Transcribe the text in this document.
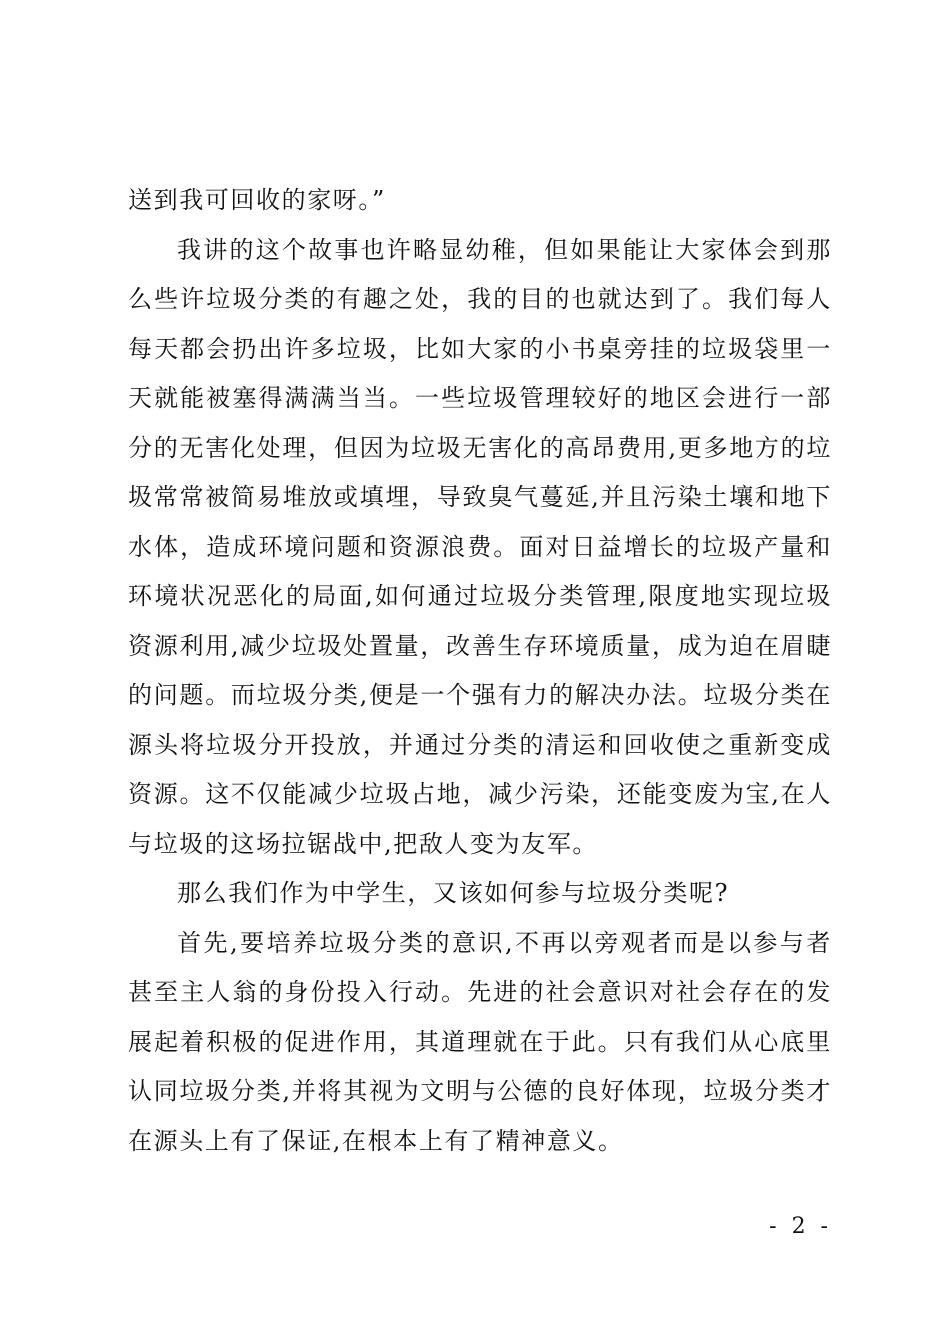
送到我可回收的家呀。”

我讲的这个故事也许略显幼稚，但如果能让大家体会到那么些许垃圾分类的有趣之处，我的目的也就达到了。我们每人每天都会扔出许多垃圾，比如大家的小书桌旁挂的垃圾袋里一天就能被塞得满满当当。一些垃圾管理较好的地区会进行一部分的无害化处理，但因为垃圾无害化的高昂费用,更多地方的垃圾常常被简易堆放或填埋，导致臭气蔓延,并且污染土壤和地下水体，造成环境问题和资源浪费。面对日益增长的垃圾产量和环境状况恶化的局面,如何通过垃圾分类管理,限度地实现垃圾资源利用,减少垃圾处置量，改善生存环境质量，成为迫在眉睫的问题。而垃圾分类,便是一个强有力的解决办法。垃圾分类在源头将垃圾分开投放，并通过分类的清运和回收使之重新变成资源。这不仅能减少垃圾占地，减少污染，还能变废为宝,在人与垃圾的这场拉锯战中,把敌人变为友军。

那么我们作为中学生，又该如何参与垃圾分类呢?

首先,要培养垃圾分类的意识,不再以旁观者而是以参与者甚至主人翁的身份投入行动。先进的社会意识对社会存在的发展起着积极的促进作用，其道理就在于此。只有我们从心底里认同垃圾分类,并将其视为文明与公德的良好体现，垃圾分类才在源头上有了保证,在根本上有了精神意义。

- 2 -
